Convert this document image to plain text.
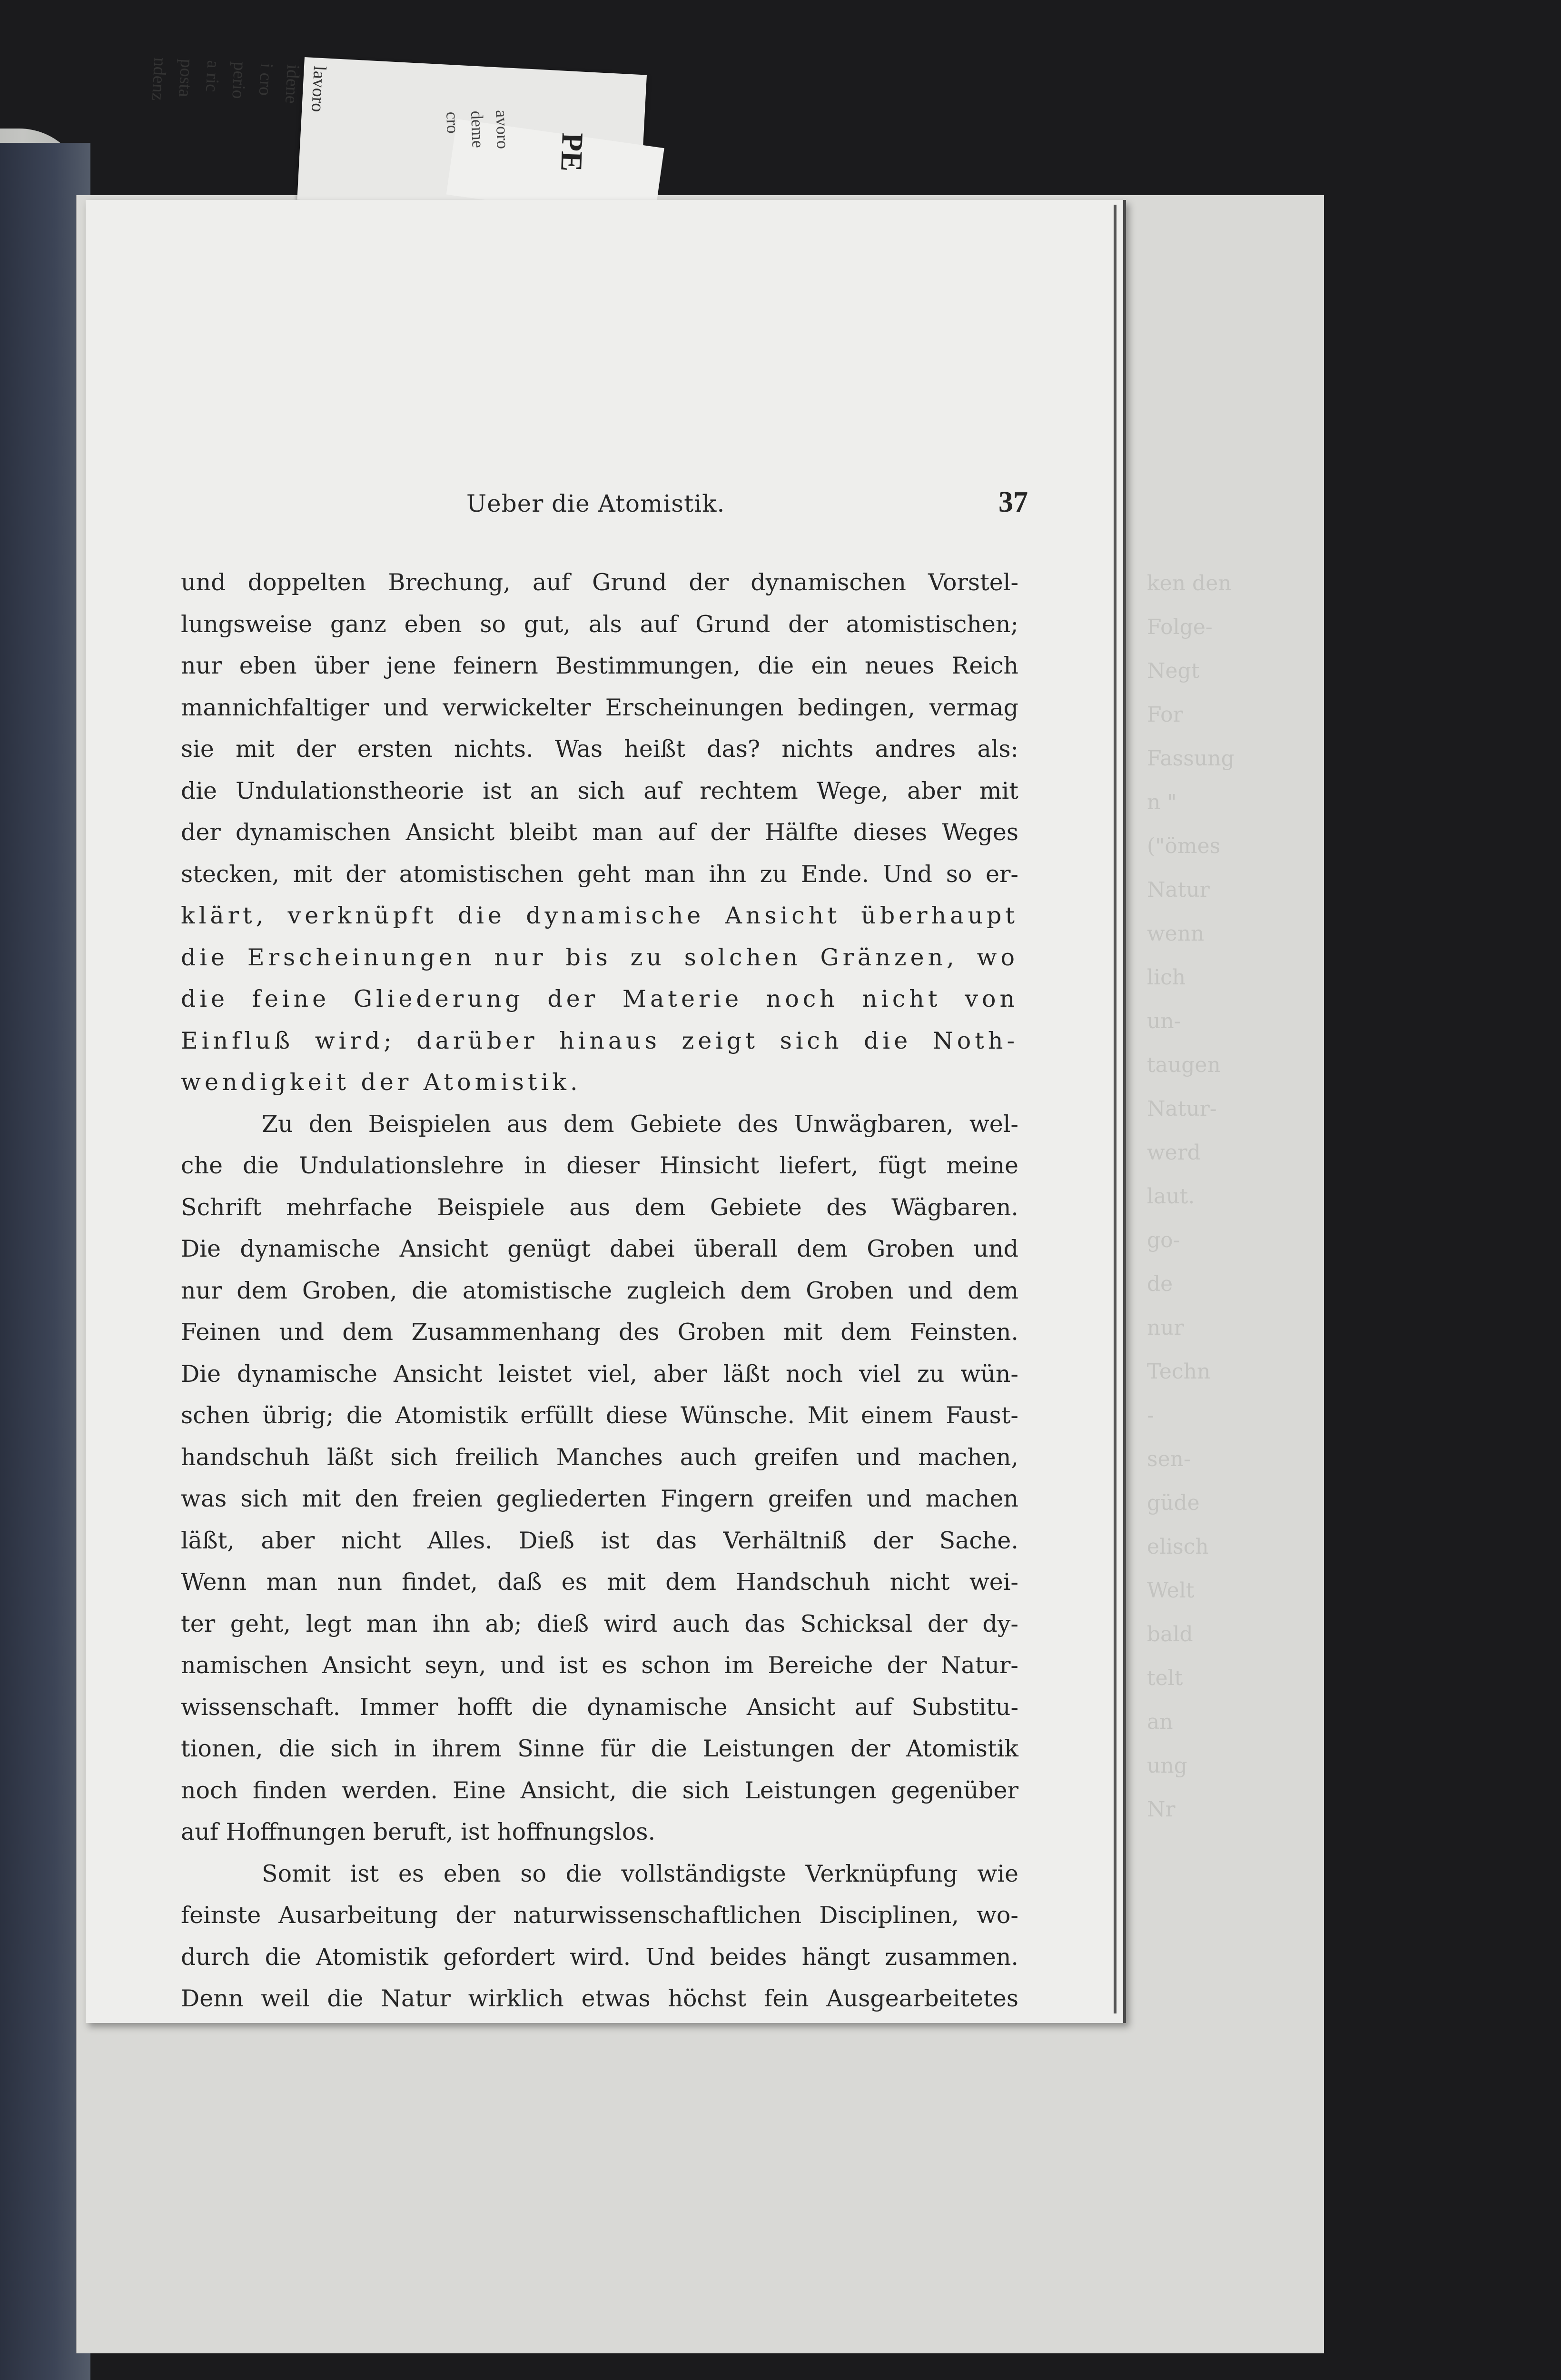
ken den
Folge-
Negt
For
Fassung
n "
("ömes
Natur
wenn
lich
un-
taugen
Natur-
werd
laut.
go-
de
nur
Techn
-
sen-
güde
elisch
Welt
bald
telt
an
ung
Nr
lavoro
idene
i cro
perio
a ric
posta
ndenz
avoro
deme
cro
PE
Ueber die Atomistik.	37
und doppelten Brechung, auf Grund der dynamischen Vorstel-
lungsweise ganz eben so gut, als auf Grund der atomistischen;
nur eben über jene feinern Bestimmungen, die ein neues Reich
mannichfaltiger und verwickelter Erscheinungen bedingen, vermag
sie mit der ersten nichts. Was heißt das? nichts andres als:
die Undulationstheorie ist an sich auf rechtem Wege, aber mit
der dynamischen Ansicht bleibt man auf der Hälfte dieses Weges
stecken, mit der atomistischen geht man ihn zu Ende. Und so er-
klärt, verknüpft die dynamische Ansicht überhaupt
die Erscheinungen nur bis zu solchen Gränzen, wo
die feine Gliederung der Materie noch nicht von
Einfluß wird; darüber hinaus zeigt sich die Noth-
wendigkeit der Atomistik.
Zu den Beispielen aus dem Gebiete des Unwägbaren, wel-
che die Undulationslehre in dieser Hinsicht liefert, fügt meine
Schrift mehrfache Beispiele aus dem Gebiete des Wägbaren.
Die dynamische Ansicht genügt dabei überall dem Groben und
nur dem Groben, die atomistische zugleich dem Groben und dem
Feinen und dem Zusammenhang des Groben mit dem Feinsten.
Die dynamische Ansicht leistet viel, aber läßt noch viel zu wün-
schen übrig; die Atomistik erfüllt diese Wünsche. Mit einem Faust-
handschuh läßt sich freilich Manches auch greifen und machen,
was sich mit den freien gegliederten Fingern greifen und machen
läßt, aber nicht Alles. Dieß ist das Verhältniß der Sache.
Wenn man nun findet, daß es mit dem Handschuh nicht wei-
ter geht, legt man ihn ab; dieß wird auch das Schicksal der dy-
namischen Ansicht seyn, und ist es schon im Bereiche der Natur-
wissenschaft. Immer hofft die dynamische Ansicht auf Substitu-
tionen, die sich in ihrem Sinne für die Leistungen der Atomistik
noch finden werden. Eine Ansicht, die sich Leistungen gegenüber
auf Hoffnungen beruft, ist hoffnungslos.
Somit ist es eben so die vollständigste Verknüpfung wie
feinste Ausarbeitung der naturwissenschaftlichen Disciplinen, wo-
durch die Atomistik gefordert wird. Und beides hängt zusammen.
Denn weil die Natur wirklich etwas höchst fein Ausgearbeitetes
